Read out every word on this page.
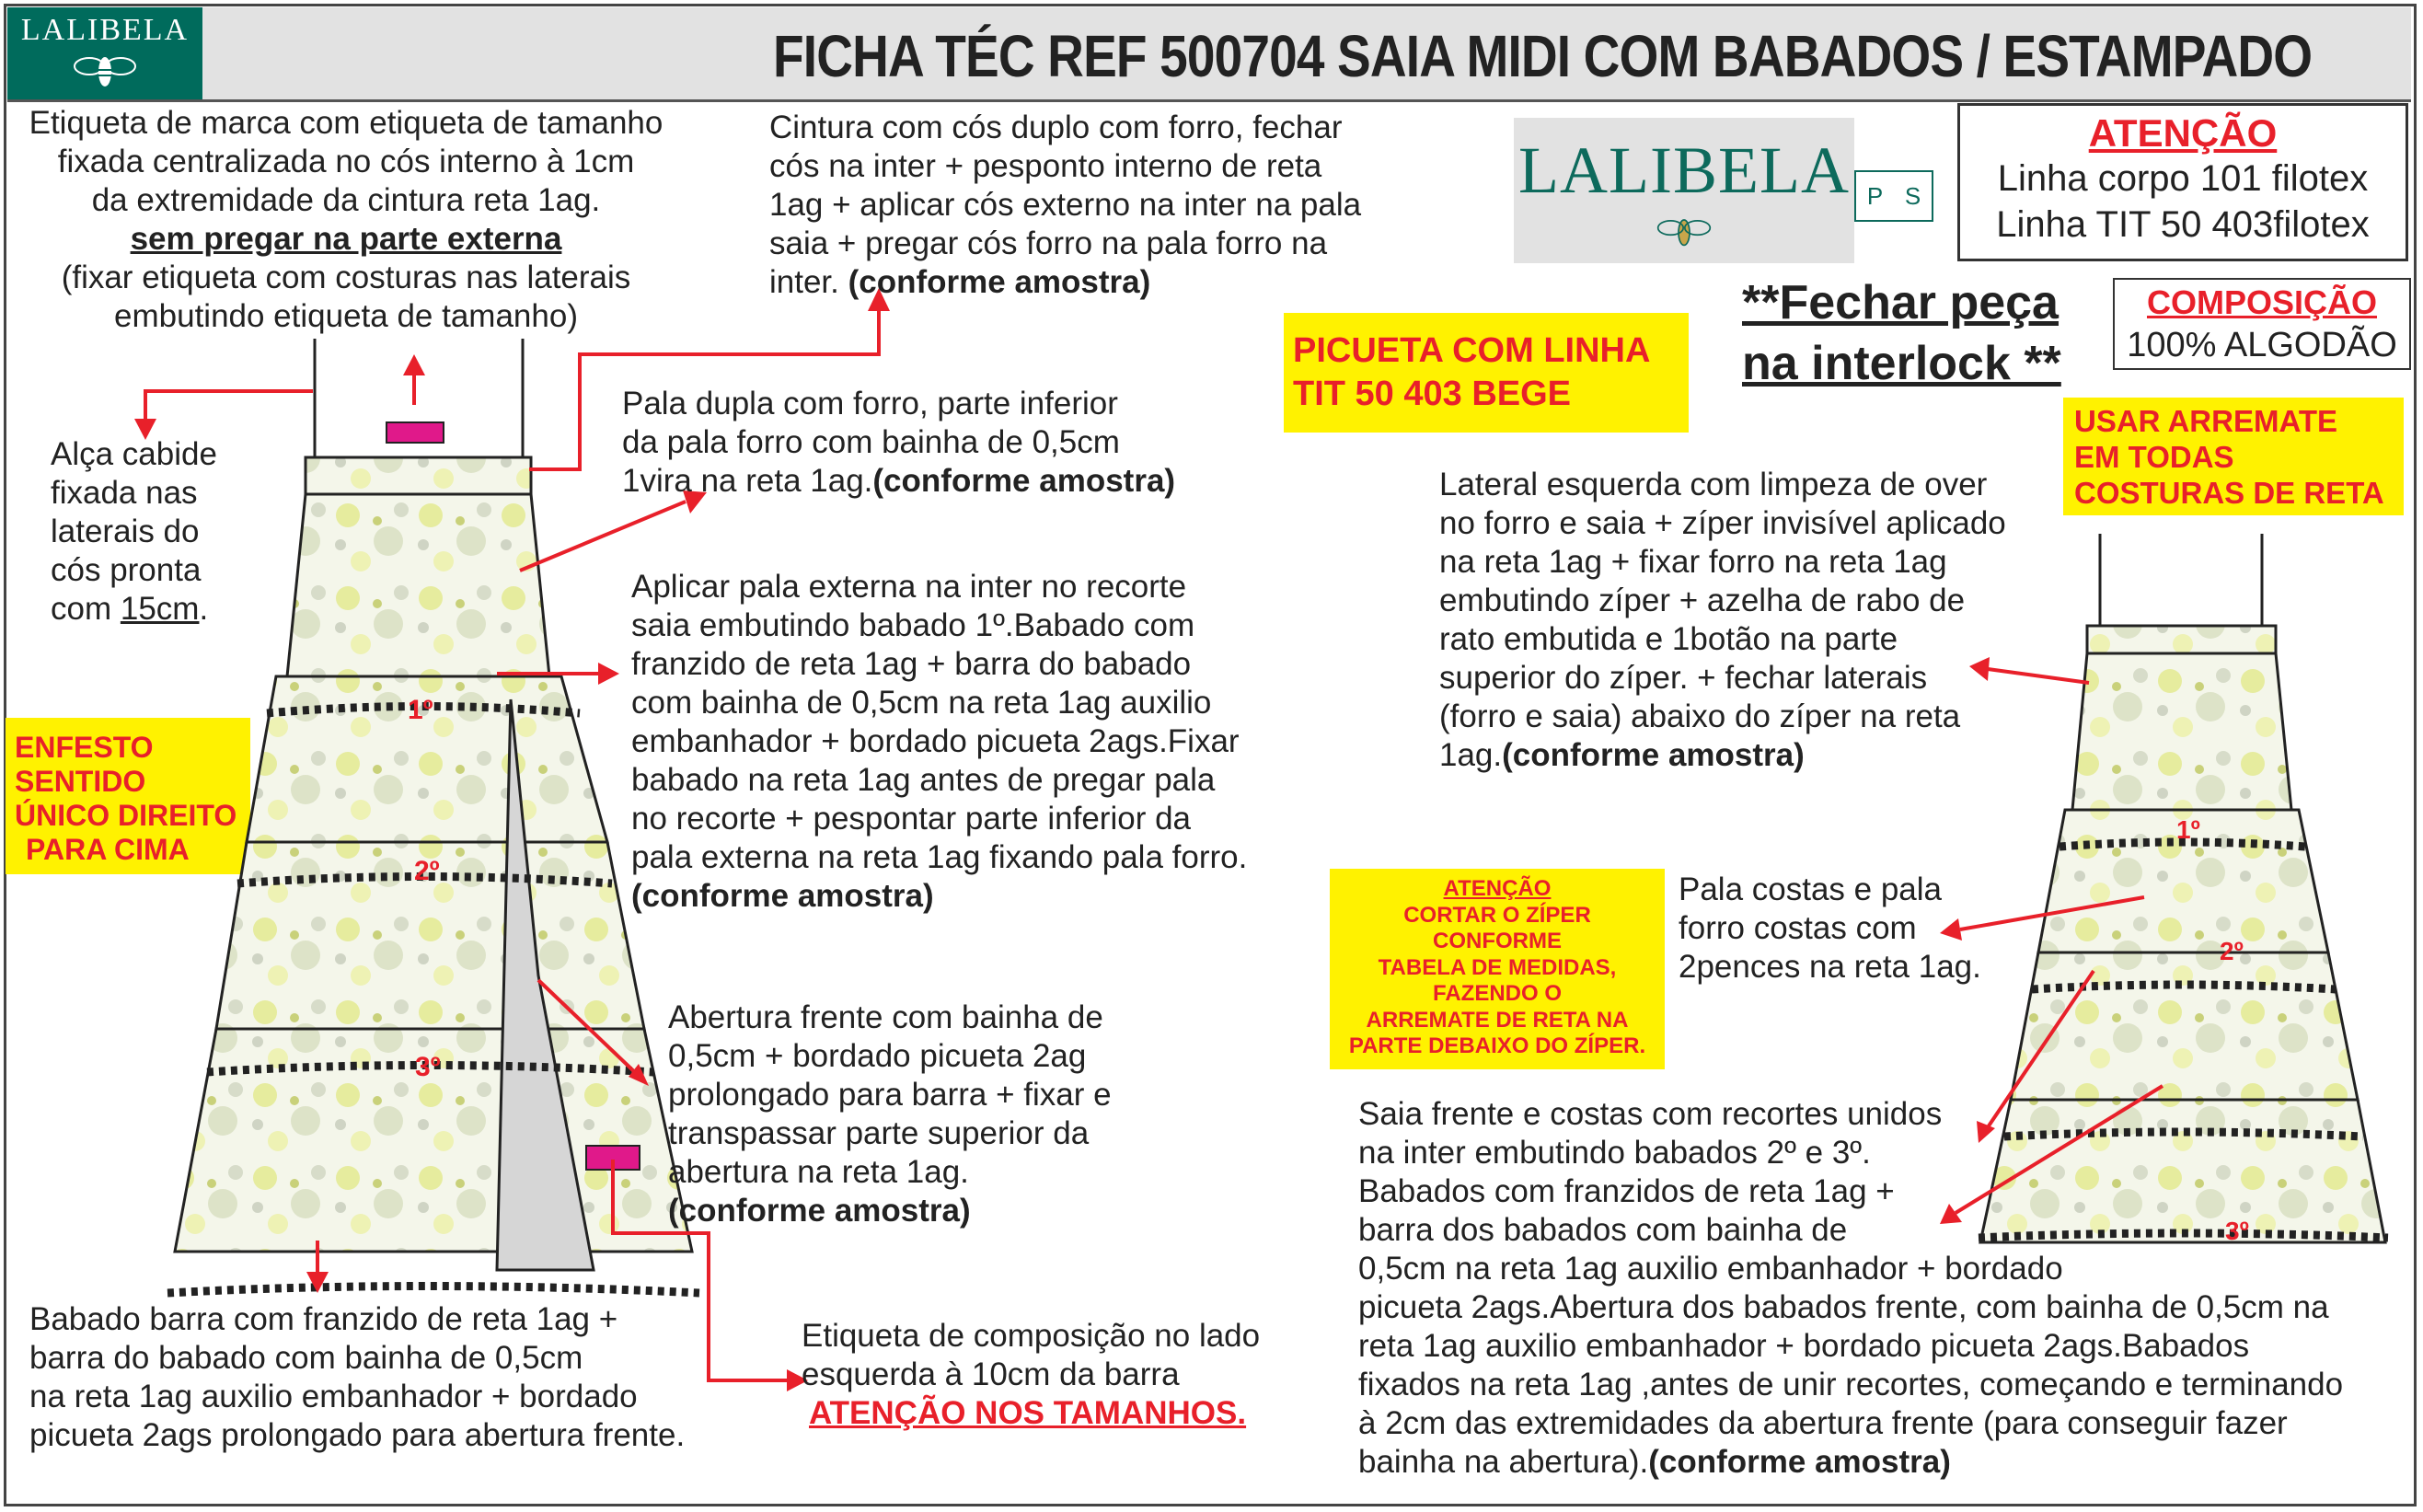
LALIBELA	FICHA TÉC REF 500704 SAIA MIDI COM BABADOS / ESTAMPADO
LALIBELA P S
ATENÇÃO
Linha corpo 101 filotex
Linha TIT 50 403filotex
**Fechar peça
na interlock **
COMPOSIÇÃO
100% ALGODÃO
PICUETA COM LINHA
TIT 50 403 BEGE
USAR ARREMATE
EM TODAS
COSTURAS DE RETA
ENFESTO
SENTIDO
ÚNICO DIREITO
PARA CIMA
ATENÇÃO
CORTAR O ZÍPER
CONFORME
TABELA DE MEDIDAS,
FAZENDO O
ARREMATE DE RETA NA
PARTE DEBAIXO DO ZÍPER.
1º
2º
3º
1º
2º
3º
Etiqueta de marca com etiqueta de tamanho
fixada centralizada no cós interno à 1cm
da extremidade da cintura reta 1ag.
sem pregar na parte externa
(fixar etiqueta com costuras nas laterais
embutindo etiqueta de tamanho)
Cintura com cós duplo com forro, fechar
cós na inter + pesponto interno de reta
1ag + aplicar cós externo na inter na pala
saia + pregar cós forro na pala forro na
inter. (conforme amostra)
Alça cabide
fixada nas
laterais do
cós pronta
com 15cm.
Pala dupla com forro, parte inferior
da pala forro com bainha de 0,5cm
1vira na reta 1ag.(conforme amostra)
Aplicar pala externa na inter no recorte
saia embutindo babado 1º.Babado com
franzido de reta 1ag + barra do babado
com bainha de 0,5cm na reta 1ag auxilio
embanhador + bordado picueta 2ags.Fixar
babado na reta 1ag antes de pregar pala
no recorte + pespontar parte inferior da
pala externa na reta 1ag fixando pala forro.
(conforme amostra)
Abertura frente com bainha de
0,5cm + bordado picueta 2ag
prolongado para barra + fixar e
transpassar parte superior da
abertura na reta 1ag.
(conforme amostra)
Babado barra com franzido de reta 1ag +
barra do babado com bainha de 0,5cm
na reta 1ag auxilio embanhador + bordado
picueta 2ags prolongado para abertura frente.
Etiqueta de composição no lado
esquerda à 10cm da barra
ATENÇÃO NOS TAMANHOS.
Lateral esquerda com limpeza de over
no forro e saia + zíper invisível aplicado
na reta 1ag + fixar forro na reta 1ag
embutindo zíper + azelha de rabo de
rato embutida e 1botão na parte
superior do zíper. + fechar laterais
(forro e saia) abaixo do zíper na reta
1ag.(conforme amostra)
Pala costas e pala
forro costas com
2pences na reta 1ag.
Saia frente e costas com recortes unidos
na inter embutindo babados 2º e 3º.
Babados com franzidos de reta 1ag +
barra dos babados com bainha de
0,5cm na reta 1ag auxilio embanhador + bordado
picueta 2ags.Abertura dos babados frente, com bainha de 0,5cm na
reta 1ag auxilio embanhador + bordado picueta 2ags.Babados
fixados na reta 1ag ,antes de unir recortes, começando e terminando
à 2cm das extremidades da abertura frente (para conseguir fazer
bainha na abertura).(conforme amostra)
